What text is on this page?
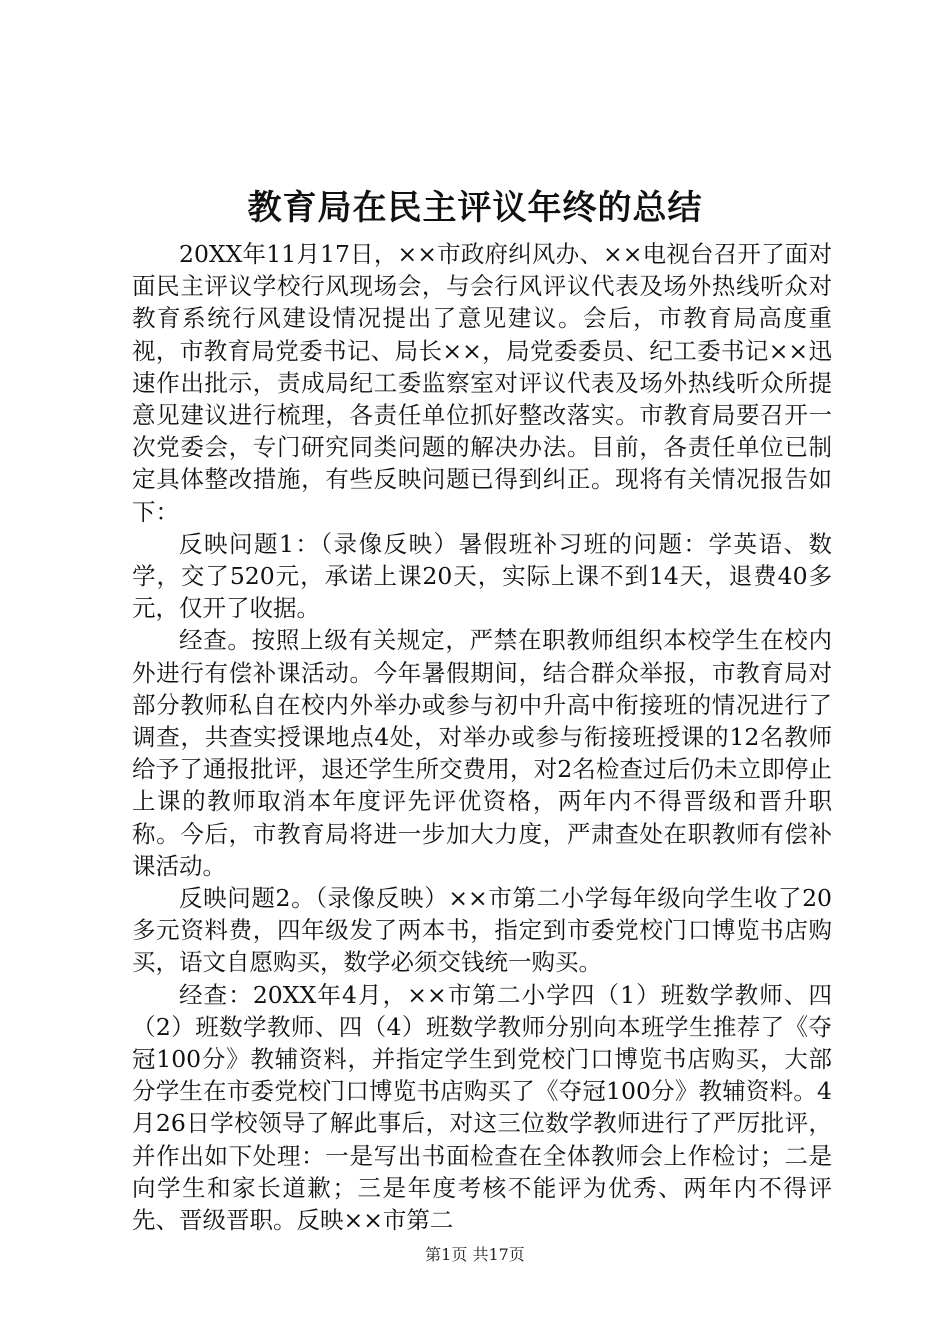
教育局在民主评议年终的总结

20XX年11月17日，××市政府纠风办、××电视台召开了面对面民主评议学校行风现场会，与会行风评议代表及场外热线听众对教育系统行风建设情况提出了意见建议。会后，市教育局高度重视，市教育局党委书记、局长××，局党委委员、纪工委书记××迅速作出批示，责成局纪工委监察室对评议代表及场外热线听众所提意见建议进行梳理，各责任单位抓好整改落实。市教育局要召开一次党委会，专门研究同类问题的解决办法。目前，各责任单位已制定具体整改措施，有些反映问题已得到纠正。现将有关情况报告如下：

反映问题1：（录像反映）暑假班补习班的问题：学英语、数学，交了520元，承诺上课20天，实际上课不到14天，退费40多元，仅开了收据。

经查。按照上级有关规定，严禁在职教师组织本校学生在校内外进行有偿补课活动。今年暑假期间，结合群众举报，市教育局对部分教师私自在校内外举办或参与初中升高中衔接班的情况进行了调查，共查实授课地点4处，对举办或参与衔接班授课的12名教师给予了通报批评，退还学生所交费用，对2名检查过后仍未立即停止上课的教师取消本年度评先评优资格，两年内不得晋级和晋升职称。今后，市教育局将进一步加大力度，严肃查处在职教师有偿补课活动。

反映问题2。（录像反映）××市第二小学每年级向学生收了20多元资料费，四年级发了两本书，指定到市委党校门口博览书店购买，语文自愿购买，数学必须交钱统一购买。

经查：20XX年4月，××市第二小学四（1）班数学教师、四（2）班数学教师、四（4）班数学教师分别向本班学生推荐了《夺冠100分》教辅资料，并指定学生到党校门口博览书店购买，大部分学生在市委党校门口博览书店购买了《夺冠100分》教辅资料。4月26日学校领导了解此事后，对这三位数学教师进行了严厉批评，并作出如下处理：一是写出书面检查在全体教师会上作检讨；二是向学生和家长道歉；三是年度考核不能评为优秀、两年内不得评先、晋级晋职。反映××市第二

第1页 共17页
